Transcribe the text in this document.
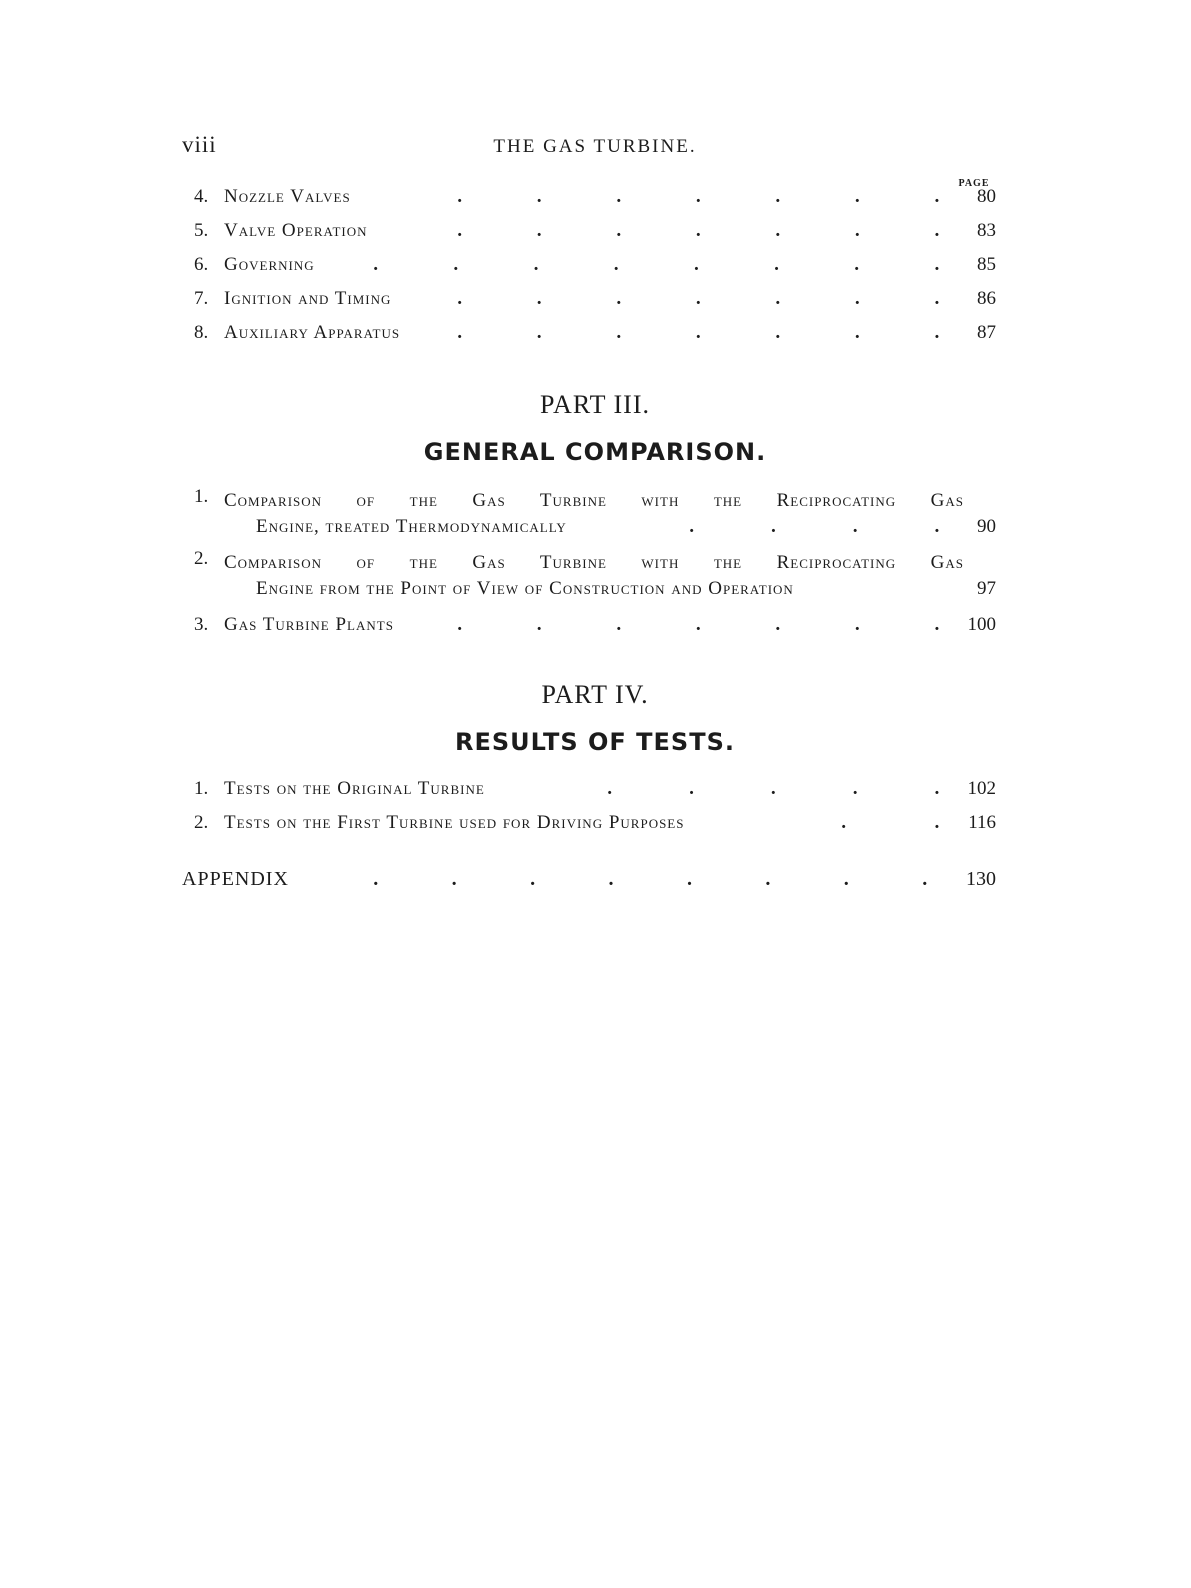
viii	THE GAS TURBINE.
PAGE
4. Nozzle Valves	.	.	.	.	.	.	. 80
5. Valve Operation	.	.	.	.	.	.	. 83
6. Governing	.	.	.	.	.	.	.	. 85
7. Ignition and Timing	.	.	.	.	.	.	. 86
8. Auxiliary Apparatus	.	.	.	.	.	.	. 87
PART III.
GENERAL COMPARISON.
1. Comparison of the Gas Turbine with the Reciprocating Gas
Engine, treated Thermodynamically	.	.	.	. 90
2. Comparison of the Gas Turbine with the Reciprocating Gas
Engine from the Point of View of Construction and Operation	97
3. Gas Turbine Plants	.	.	.	.	.	.	. 100
PART IV.
RESULTS OF TESTS.
1. Tests on the Original Turbine	.	.	.	.	. 102
2. Tests on the First Turbine used for Driving Purposes	.	. 116
APPENDIX	.	.	.	.	.	.	.	. 130
